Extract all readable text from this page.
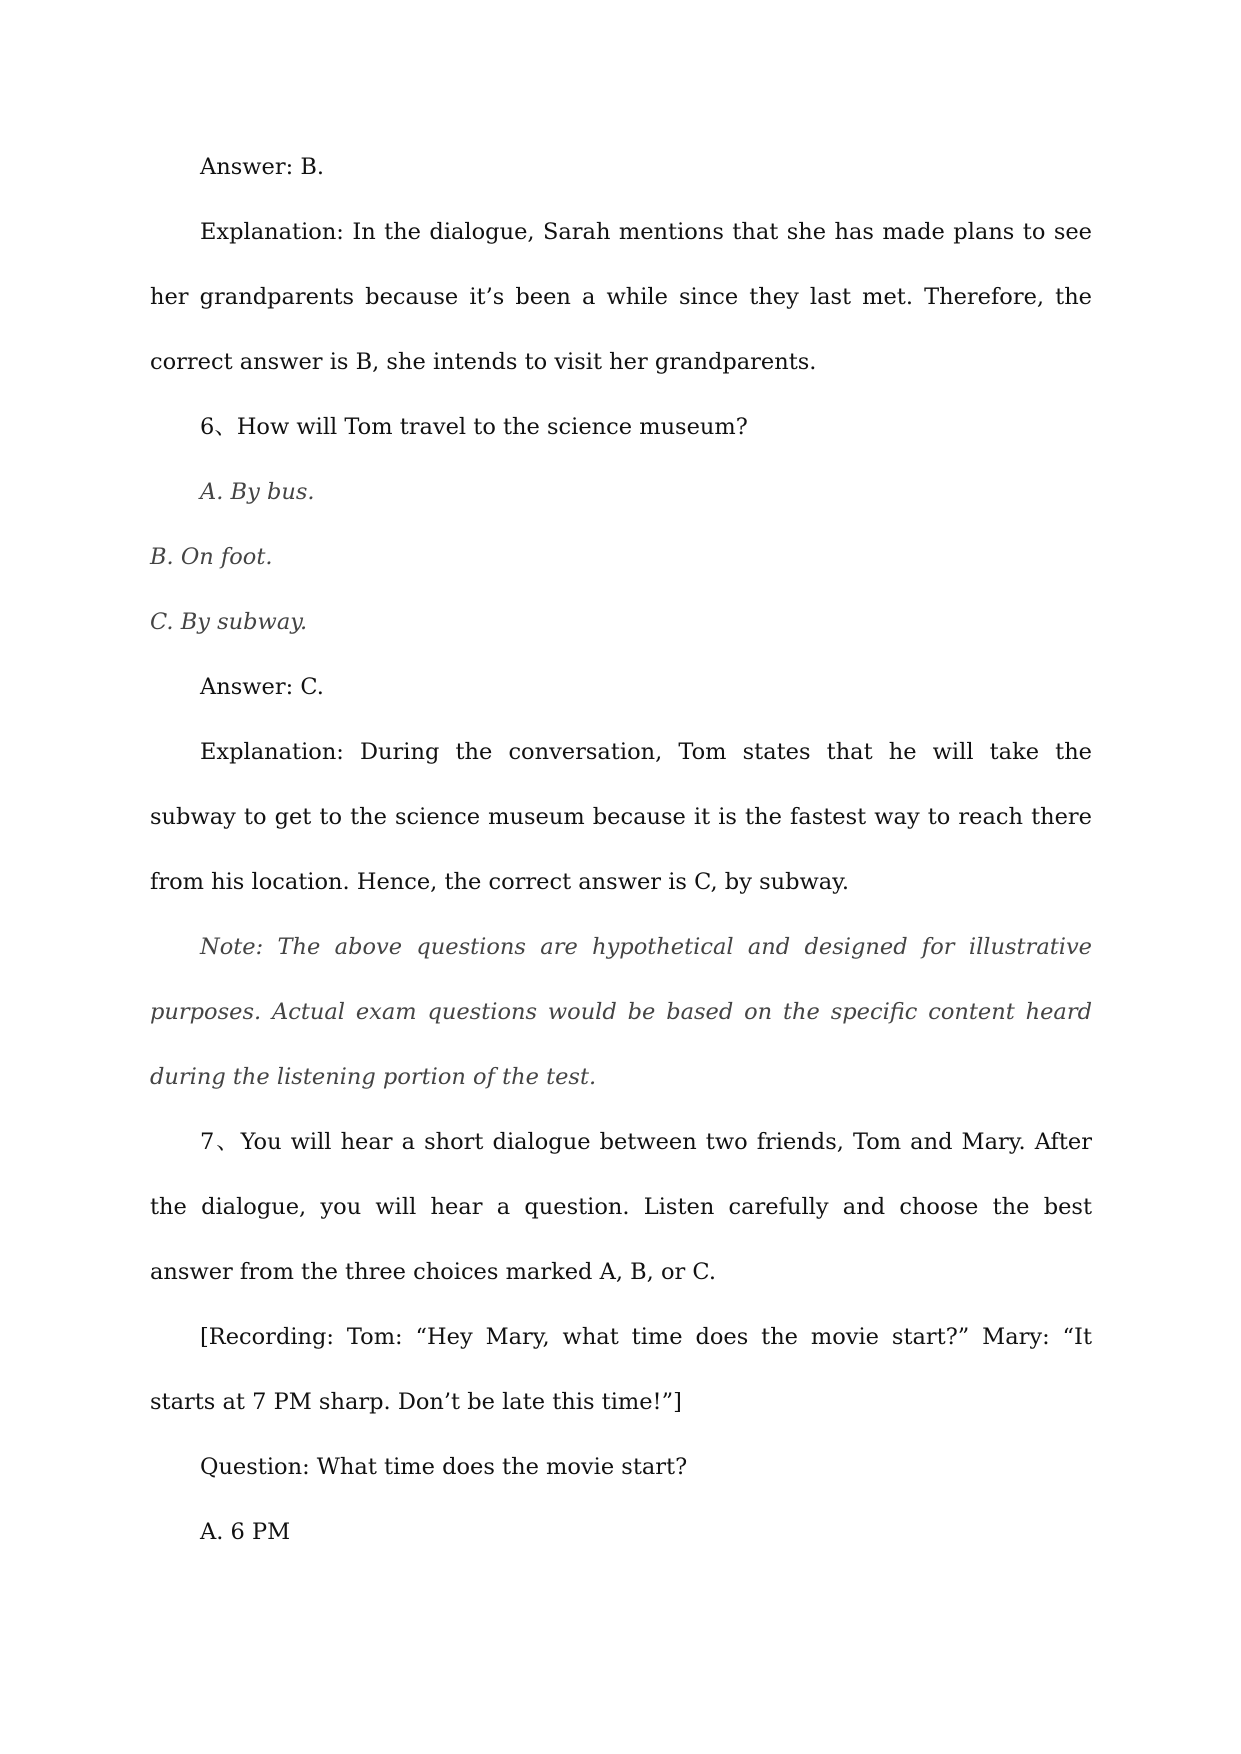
Answer: B.

Explanation: In the dialogue, Sarah mentions that she has made plans to see her grandparents because it’s been a while since they last met. Therefore, the correct answer is B, she intends to visit her grandparents.

6、How will Tom travel to the science museum?

A. By bus.

B. On foot.

C. By subway.

Answer: C.

Explanation: During the conversation, Tom states that he will take the subway to get to the science museum because it is the fastest way to reach there from his location. Hence, the correct answer is C, by subway.

Note: The above questions are hypothetical and designed for illustrative purposes. Actual exam questions would be based on the specific content heard during the listening portion of the test.

7、You will hear a short dialogue between two friends, Tom and Mary. After the dialogue, you will hear a question. Listen carefully and choose the best answer from the three choices marked A, B, or C.

[Recording: Tom: “Hey Mary, what time does the movie start?” Mary: “It starts at 7 PM sharp. Don’t be late this time!”]

Question: What time does the movie start?

A. 6 PM
